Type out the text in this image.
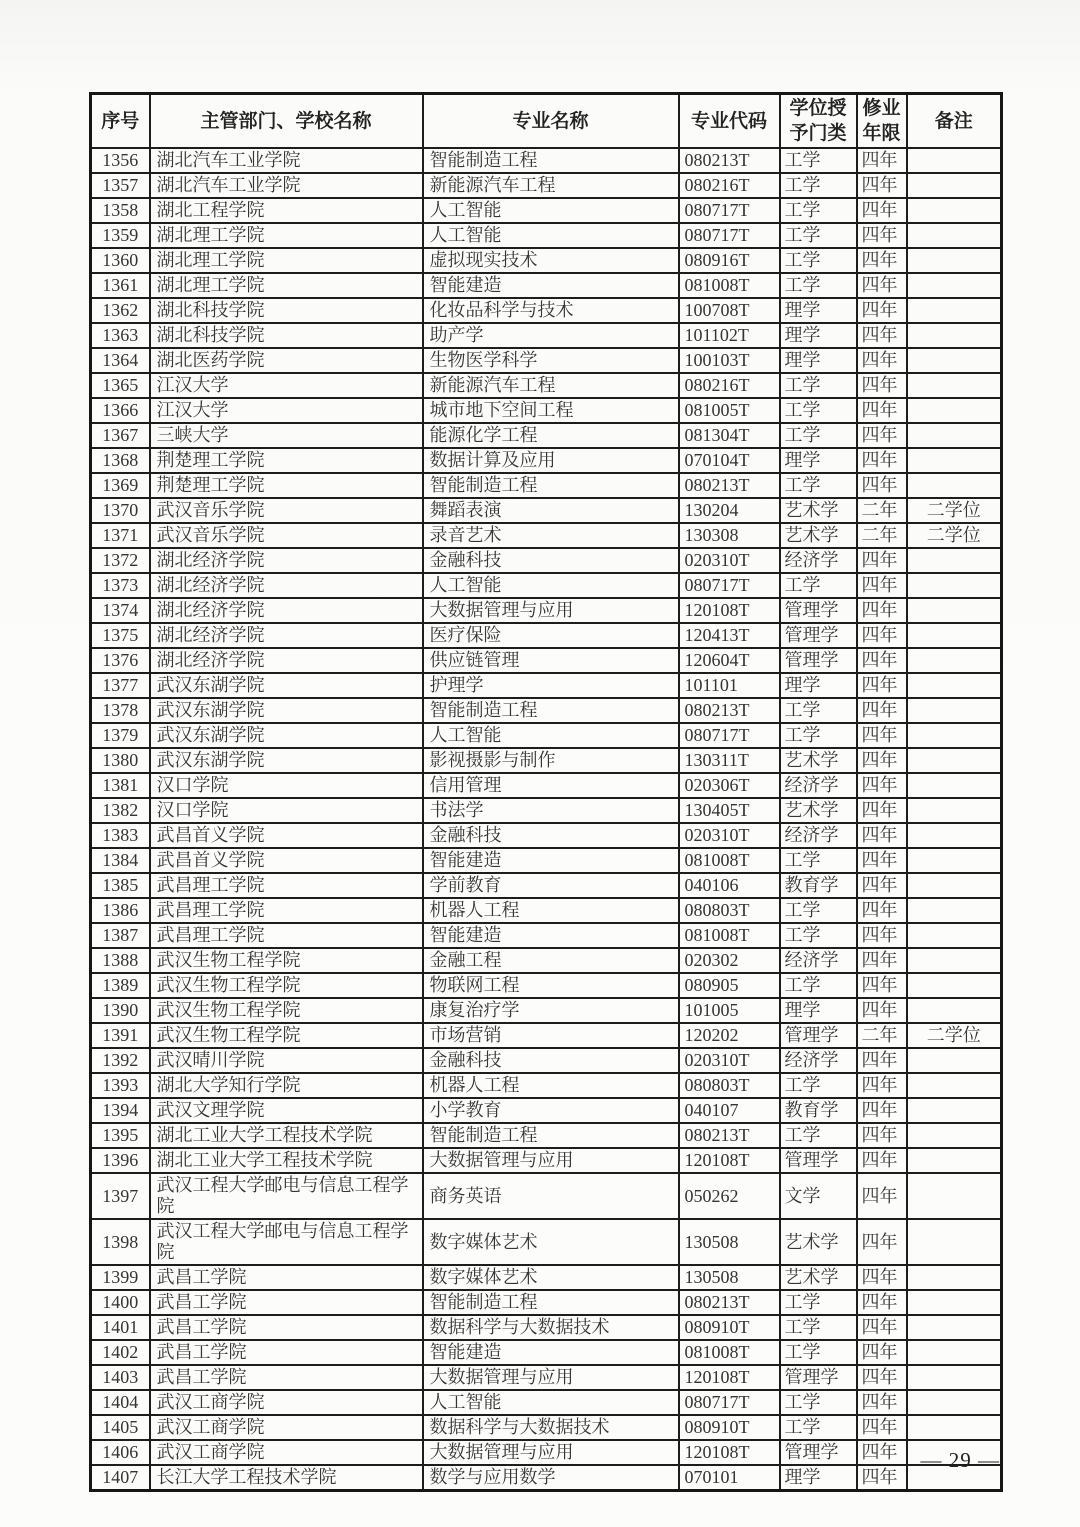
序号	主管部门、学校名称	专业名称	专业代码	学位授予门类	修业年限	备注
1356	湖北汽车工业学院	智能制造工程	080213T	工学	四年	
1357	湖北汽车工业学院	新能源汽车工程	080216T	工学	四年	
1358	湖北工程学院	人工智能	080717T	工学	四年	
1359	湖北理工学院	人工智能	080717T	工学	四年	
1360	湖北理工学院	虚拟现实技术	080916T	工学	四年	
1361	湖北理工学院	智能建造	081008T	工学	四年	
1362	湖北科技学院	化妆品科学与技术	100708T	理学	四年	
1363	湖北科技学院	助产学	101102T	理学	四年	
1364	湖北医药学院	生物医学科学	100103T	理学	四年	
1365	江汉大学	新能源汽车工程	080216T	工学	四年	
1366	江汉大学	城市地下空间工程	081005T	工学	四年	
1367	三峡大学	能源化学工程	081304T	工学	四年	
1368	荆楚理工学院	数据计算及应用	070104T	理学	四年	
1369	荆楚理工学院	智能制造工程	080213T	工学	四年	
1370	武汉音乐学院	舞蹈表演	130204	艺术学	二年	二学位
1371	武汉音乐学院	录音艺术	130308	艺术学	二年	二学位
1372	湖北经济学院	金融科技	020310T	经济学	四年	
1373	湖北经济学院	人工智能	080717T	工学	四年	
1374	湖北经济学院	大数据管理与应用	120108T	管理学	四年	
1375	湖北经济学院	医疗保险	120413T	管理学	四年	
1376	湖北经济学院	供应链管理	120604T	管理学	四年	
1377	武汉东湖学院	护理学	101101	理学	四年	
1378	武汉东湖学院	智能制造工程	080213T	工学	四年	
1379	武汉东湖学院	人工智能	080717T	工学	四年	
1380	武汉东湖学院	影视摄影与制作	130311T	艺术学	四年	
1381	汉口学院	信用管理	020306T	经济学	四年	
1382	汉口学院	书法学	130405T	艺术学	四年	
1383	武昌首义学院	金融科技	020310T	经济学	四年	
1384	武昌首义学院	智能建造	081008T	工学	四年	
1385	武昌理工学院	学前教育	040106	教育学	四年	
1386	武昌理工学院	机器人工程	080803T	工学	四年	
1387	武昌理工学院	智能建造	081008T	工学	四年	
1388	武汉生物工程学院	金融工程	020302	经济学	四年	
1389	武汉生物工程学院	物联网工程	080905	工学	四年	
1390	武汉生物工程学院	康复治疗学	101005	理学	四年	
1391	武汉生物工程学院	市场营销	120202	管理学	二年	二学位
1392	武汉晴川学院	金融科技	020310T	经济学	四年	
1393	湖北大学知行学院	机器人工程	080803T	工学	四年	
1394	武汉文理学院	小学教育	040107	教育学	四年	
1395	湖北工业大学工程技术学院	智能制造工程	080213T	工学	四年	
1396	湖北工业大学工程技术学院	大数据管理与应用	120108T	管理学	四年	
1397	武汉工程大学邮电与信息工程学院	商务英语	050262	文学	四年	
1398	武汉工程大学邮电与信息工程学院	数字媒体艺术	130508	艺术学	四年	
1399	武昌工学院	数字媒体艺术	130508	艺术学	四年	
1400	武昌工学院	智能制造工程	080213T	工学	四年	
1401	武昌工学院	数据科学与大数据技术	080910T	工学	四年	
1402	武昌工学院	智能建造	081008T	工学	四年	
1403	武昌工学院	大数据管理与应用	120108T	管理学	四年	
1404	武汉工商学院	人工智能	080717T	工学	四年	
1405	武汉工商学院	数据科学与大数据技术	080910T	工学	四年	
1406	武汉工商学院	大数据管理与应用	120108T	管理学	四年	
1407	长江大学工程技术学院	数学与应用数学	070101	理学	四年	
— 29 —
